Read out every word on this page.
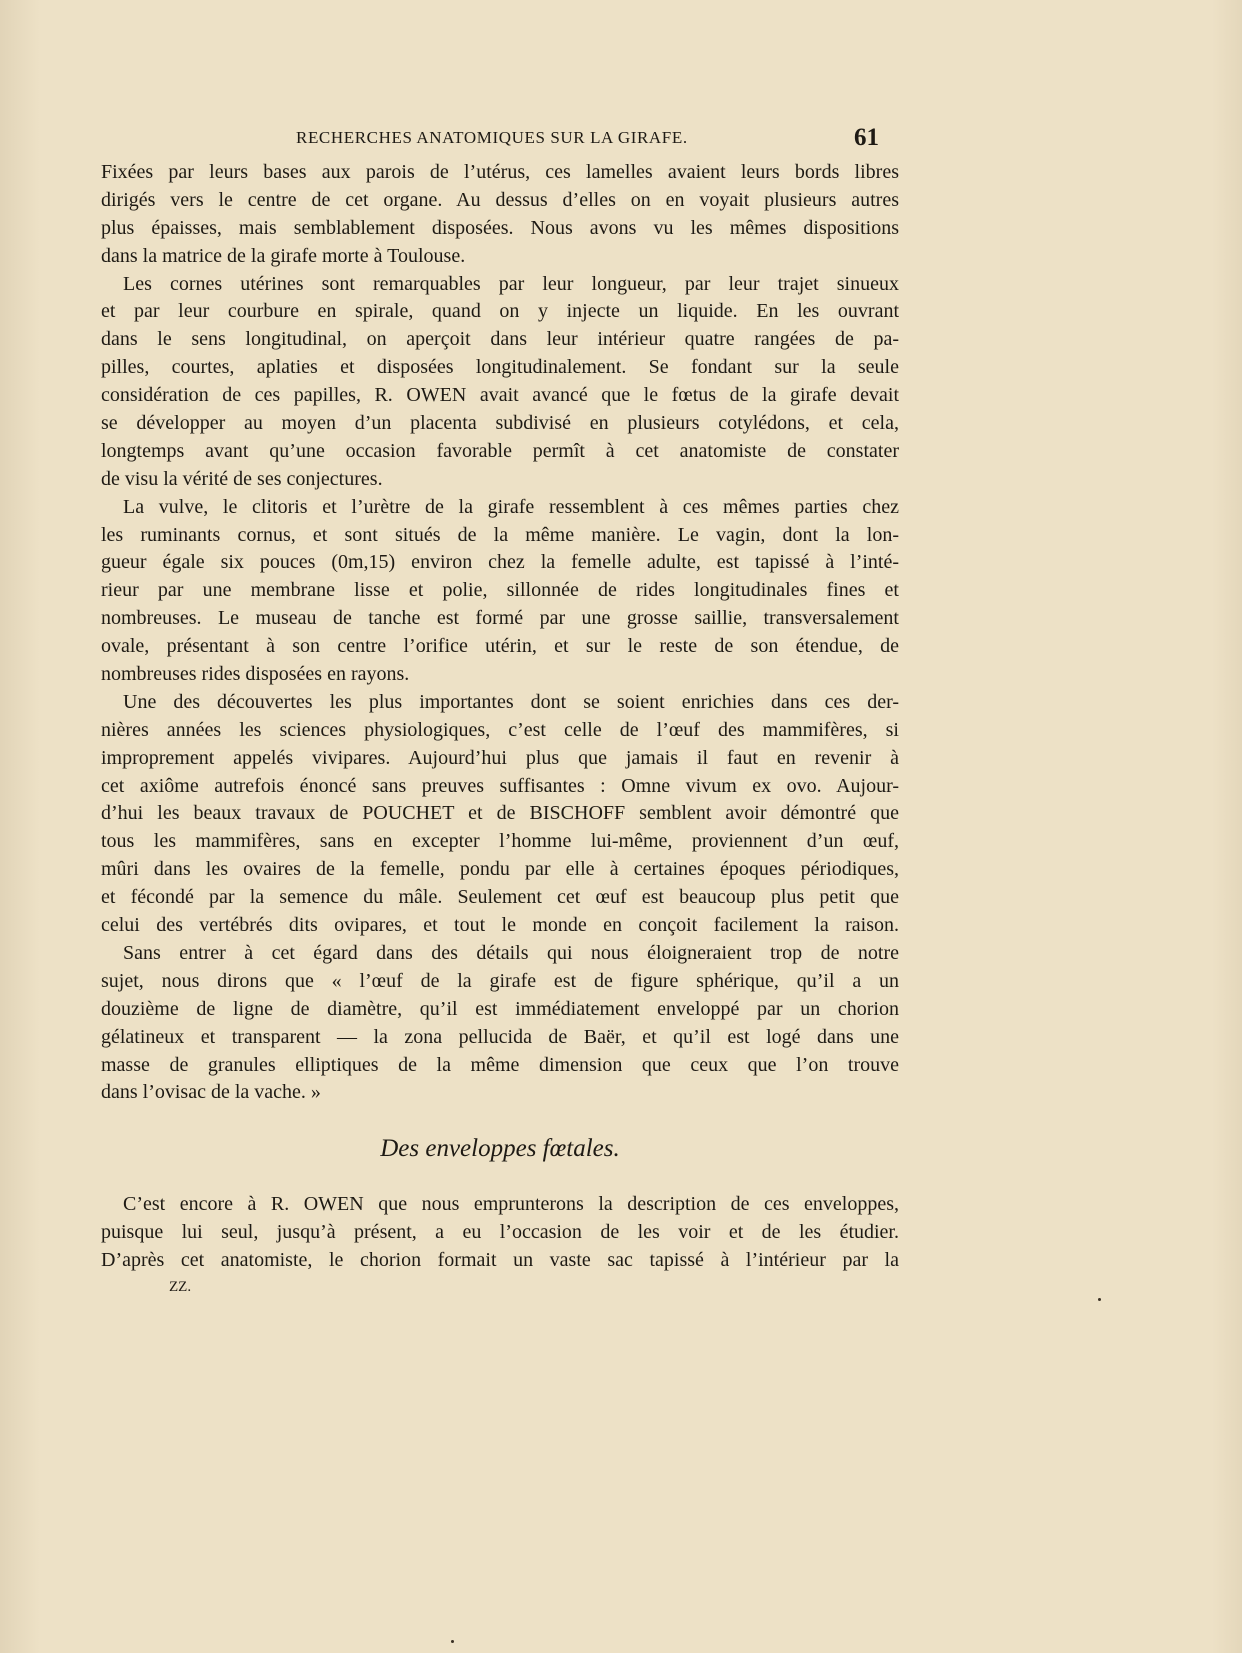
RECHERCHES ANATOMIQUES SUR LA GIRAFE.	61
Fixées par leurs bases aux parois de l’utérus, ces lamelles avaient leurs bords libres
dirigés vers le centre de cet organe. Au dessus d’elles on en voyait plusieurs autres
plus épaisses, mais semblablement disposées. Nous avons vu les mêmes dispositions
dans la matrice de la girafe morte à Toulouse.
Les cornes utérines sont remarquables par leur longueur, par leur trajet sinueux
et par leur courbure en spirale, quand on y injecte un liquide. En les ouvrant
dans le sens longitudinal, on aperçoit dans leur intérieur quatre rangées de pa-
pilles, courtes, aplaties et disposées longitudinalement. Se fondant sur la seule
considération de ces papilles, R. OWEN avait avancé que le fœtus de la girafe devait
se développer au moyen d’un placenta subdivisé en plusieurs cotylédons, et cela,
longtemps avant qu’une occasion favorable permît à cet anatomiste de constater
de visu la vérité de ses conjectures.
La vulve, le clitoris et l’urètre de la girafe ressemblent à ces mêmes parties chez
les ruminants cornus, et sont situés de la même manière. Le vagin, dont la lon-
gueur égale six pouces (0m,15) environ chez la femelle adulte, est tapissé à l’inté-
rieur par une membrane lisse et polie, sillonnée de rides longitudinales fines et
nombreuses. Le museau de tanche est formé par une grosse saillie, transversalement
ovale, présentant à son centre l’orifice utérin, et sur le reste de son étendue, de
nombreuses rides disposées en rayons.
Une des découvertes les plus importantes dont se soient enrichies dans ces der-
nières années les sciences physiologiques, c’est celle de l’œuf des mammifères, si
improprement appelés vivipares. Aujourd’hui plus que jamais il faut en revenir à
cet axiôme autrefois énoncé sans preuves suffisantes : Omne vivum ex ovo. Aujour-
d’hui les beaux travaux de POUCHET et de BISCHOFF semblent avoir démontré que
tous les mammifères, sans en excepter l’homme lui-même, proviennent d’un œuf,
mûri dans les ovaires de la femelle, pondu par elle à certaines époques périodiques,
et fécondé par la semence du mâle. Seulement cet œuf est beaucoup plus petit que
celui des vertébrés dits ovipares, et tout le monde en conçoit facilement la raison.
Sans entrer à cet égard dans des détails qui nous éloigneraient trop de notre
sujet, nous dirons que « l’œuf de la girafe est de figure sphérique, qu’il a un
douzième de ligne de diamètre, qu’il est immédiatement enveloppé par un chorion
gélatineux et transparent — la zona pellucida de Baër, et qu’il est logé dans une
masse de granules elliptiques de la même dimension que ceux que l’on trouve
dans l’ovisac de la vache. »
Des enveloppes fœtales.
C’est encore à R. OWEN que nous emprunterons la description de ces enveloppes,
puisque lui seul, jusqu’à présent, a eu l’occasion de les voir et de les étudier.
D’après cet anatomiste, le chorion formait un vaste sac tapissé à l’intérieur par la
ZZ.
